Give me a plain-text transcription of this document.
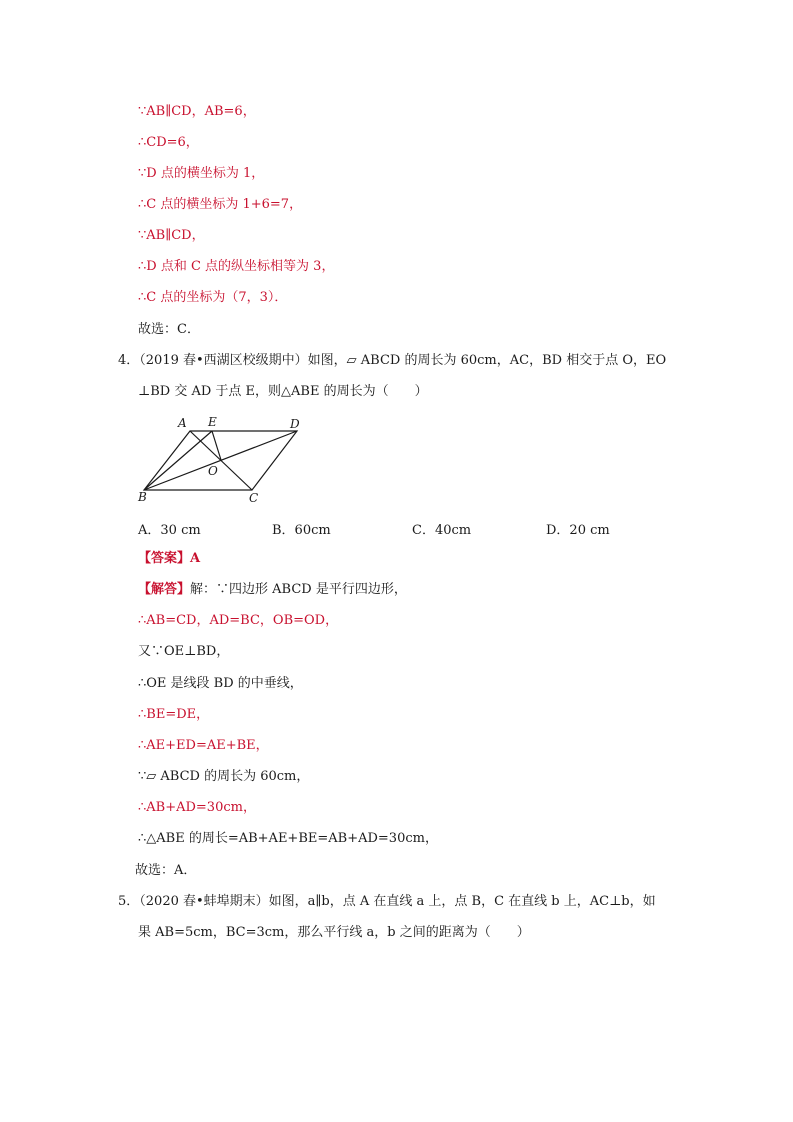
∵AB∥CD，AB=6，
∴CD=6，
∵D 点的横坐标为 1，
∴C 点的横坐标为 1+6=7，
∵AB∥CD，
∴D 点和 C 点的纵坐标相等为 3，
∴C 点的坐标为（7，3）．
故选：C．
4．（2019 春•西湖区校级期中）如图，▱ ABCD 的周长为 60cm，AC，BD 相交于点 O，EO
⊥BD 交 AD 于点 E，则△ABE 的周长为（　　）
A E	D
O
B	C
A．30 cm	B．60cm	C．40cm	D．20 cm
【答案】A
【解答】解：∵四边形 ABCD 是平行四边形，
∴AB=CD，AD=BC，OB=OD，
又∵OE⊥BD，
∴OE 是线段 BD 的中垂线，
∴BE=DE，
∴AE+ED=AE+BE，
∵▱ ABCD 的周长为 60cm，
∴AB+AD=30cm，
∴△ABE 的周长=AB+AE+BE=AB+AD=30cm，
故选：A．
5．（2020 春•蚌埠期末）如图，a∥b，点 A 在直线 a 上，点 B，C 在直线 b 上，AC⊥b，如
果 AB=5cm，BC=3cm，那么平行线 a，b 之间的距离为（　　）
